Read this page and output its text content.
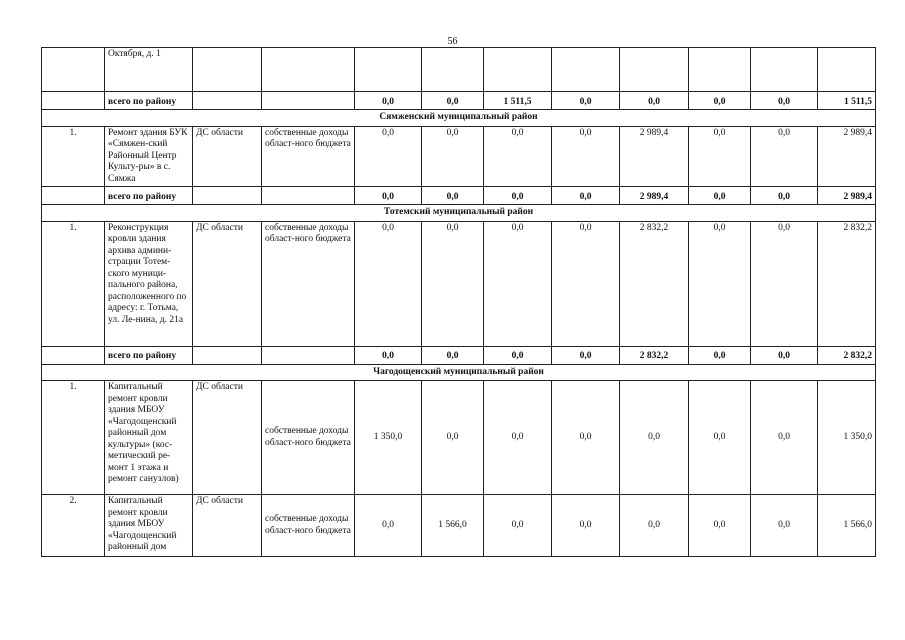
56
	Октября, д. 1										
	всего по району			0,0	0,0	1 511,5	0,0	0,0	0,0	0,0	1 511,5
Сямженский муниципальный район											
1.	Ремонт здания БУК «Сямжен-ский Районный Центр Культу-ры» в с. Сямжа	ДС области	собственные доходы област-ного бюджета	0,0	0,0	0,0	0,0	2 989,4	0,0	0,0	2 989,4
	всего по району			0,0	0,0	0,0	0,0	2 989,4	0,0	0,0	2 989,4
Тотемский муниципальный район											
1.	Реконструкция кровли здания архива админи-страции Тотем-ского муници-пального района, расположенного по адресу: г. Тотьма, ул. Ле-нина, д. 21а	ДС области	собственные доходы област-ного бюджета	0,0	0,0	0,0	0,0	2 832,2	0,0	0,0	2 832,2
	всего по району			0,0	0,0	0,0	0,0	2 832,2	0,0	0,0	2 832,2
Чагодощенский муниципальный район											
1.	Капитальный ремонт кровли здания МБОУ «Чагодощенский районный дом культуры» (кос-метический ре-монт 1 этажа и ремонт санузлов)	ДС области	собственные доходы област-ного бюджета	1 350,0	0,0	0,0	0,0	0,0	0,0	0,0	1 350,0
2.	Капитальный ремонт кровли здания МБОУ «Чагодощенский районный дом	ДС области	собственные доходы област-ного бюджета	0,0	1 566,0	0,0	0,0	0,0	0,0	0,0	1 566,0
